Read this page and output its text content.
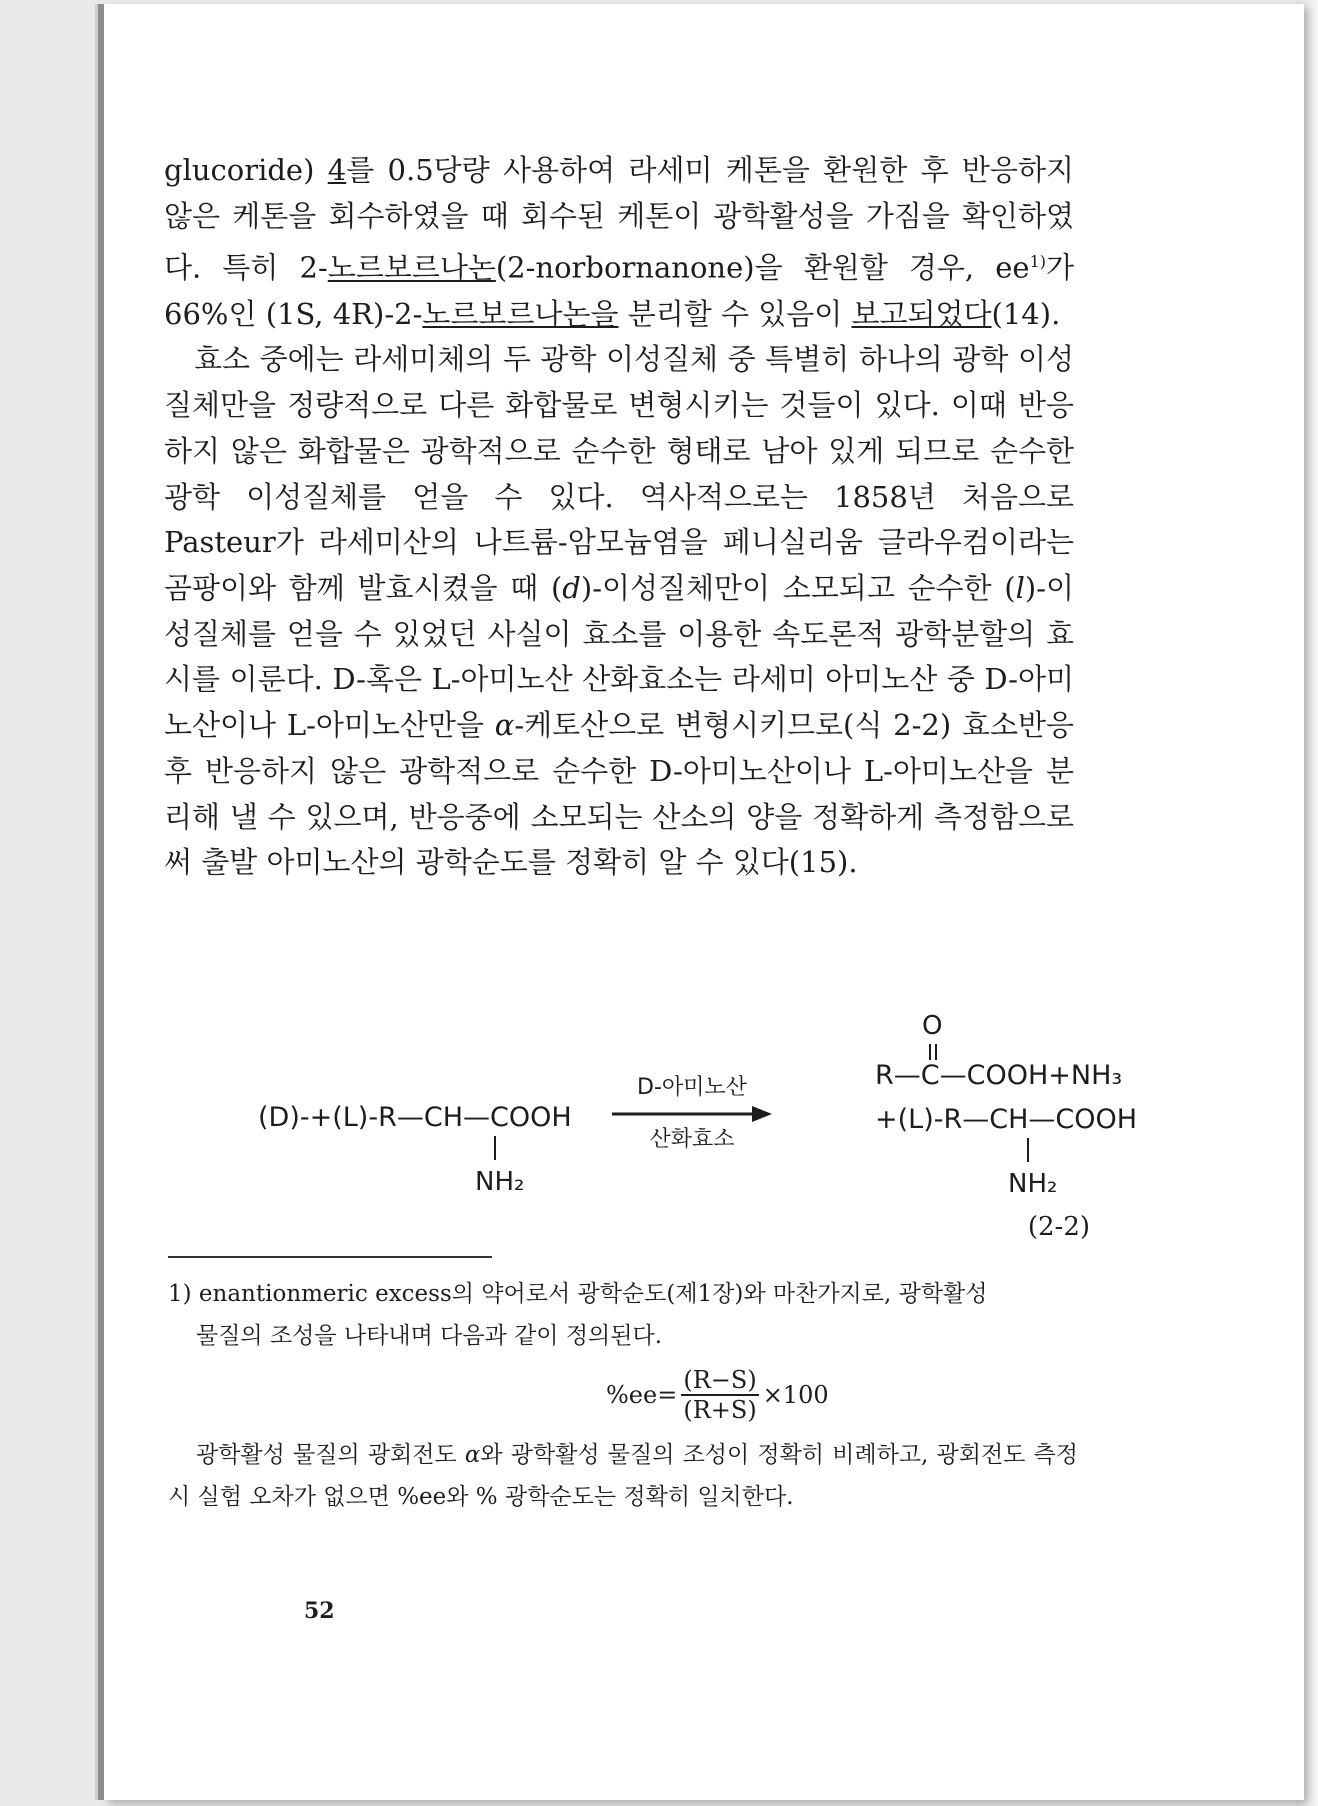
glucoride) 4를 0.5당량 사용하여 라세미 케톤을 환원한 후 반응하지 않은 케톤을 회수하였을 때 회수된 케톤이 광학활성을 가짐을 확인하였다. 특히 2-노르보르나논(2-norbornanone)을 환원할 경우, $ee^{1)}$가 66%인 (1S, 4R)-2-노르보르나논을 분리할 수 있음이 보고되었다(14).

효소 중에는 라세미체의 두 광학 이성질체 중 특별히 하나의 광학 이성질체만을 정량적으로 다른 화합물로 변형시키는 것들이 있다. 이때 반응하지 않은 화합물은 광학적으로 순수한 형태로 남아 있게 되므로 순수한 광학 이성질체를 얻을 수 있다. 역사적으로는 1858년 처음으로 Pasteur가 라세미산의 나트륨-암모늄염을 페니실리움 글라우컴이라는 곰팡이와 함께 발효시켰을 때 (d)-이성질체만이 소모되고 순수한 (l)-이성질체를 얻을 수 있었던 사실이 효소를 이용한 속도론적 광학분할의 효시를 이룬다. D-혹은 L-아미노산 산화효소는 라세미 아미노산 중 D-아미노산이나 L-아미노산만을 α-케토산으로 변형시키므로(식 2-2) 효소반응 후 반응하지 않은 광학적으로 순수한 D-아미노산이나 L-아미노산을 분리해 낼 수 있으며, 반응중에 소모되는 산소의 양을 정확하게 측정함으로써 출발 아미노산의 광학순도를 정확히 알 수 있다(15).

(D)-+(L)-R—CH—COOH
NH₂
D-아미노산
산화효소
O
R—C—COOH+NH₃
+(L)-R—CH—COOH
NH₂
(2-2)

1) enantionmeric excess의 약어로서 광학순도(제1장)와 마찬가지로, 광학활성

물질의 조성을 나타내며 다음과 같이 정의된다.

$\%ee= \frac{(R-S)}{(R+S)} \times 100$

광학활성 물질의 광회전도 α와 광학활성 물질의 조성이 정확히 비례하고, 광회전도 측정시 실험 오차가 없으면 %ee와 % 광학순도는 정확히 일치한다.

52
